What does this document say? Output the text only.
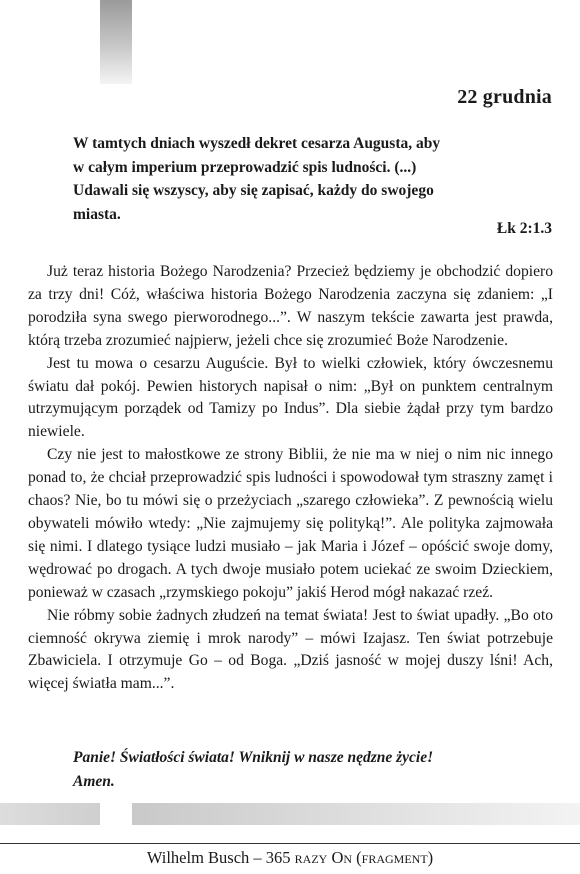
22 grudnia

W tamtych dniach wyszedł dekret cesarza Augusta, aby
w całym imperium przeprowadzić spis ludności. (...)
Udawali się wszyscy, aby się zapisać, każdy do swojego
miasta.

Łk 2:1.3

Już teraz historia Bożego Narodzenia? Przecież będziemy je obchodzić dopiero za trzy dni! Cóż, właściwa historia Bożego Narodzenia zaczyna się zdaniem: „I porodziła syna swego pierworodnego...”. W naszym tekście zawarta jest prawda, którą trzeba zrozumieć najpierw, jeżeli chce się zrozumieć Boże Narodzenie.

Jest tu mowa o cesarzu Auguście. Był to wielki człowiek, który ówczesnemu światu dał pokój. Pewien historych napisał o nim: „Był on punktem centralnym utrzymującym porządek od Tamizy po Indus”. Dla siebie żądał przy tym bardzo niewiele.

Czy nie jest to małostkowe ze strony Biblii, że nie ma w niej o nim nic innego ponad to, że chciał przeprowadzić spis ludności i spowodował tym straszny zamęt i chaos? Nie, bo tu mówi się o przeżyciach „szarego człowieka”. Z pewnością wielu obywateli mówiło wtedy: „Nie zajmujemy się polityką!”. Ale polityka zajmowała się nimi. I dlatego tysiące ludzi musiało – jak Maria i Józef – opóścić swoje domy, wędrować po drogach. A tych dwoje musiało potem uciekać ze swoim Dzieckiem, ponieważ w czasach „rzymskiego pokoju” jakiś Herod mógł nakazać rzeź.

Nie róbmy sobie żadnych złudzeń na temat świata! Jest to świat upadły. „Bo oto ciemność okrywa ziemię i mrok narody” – mówi Izajasz. Ten świat potrzebuje Zbawiciela. I otrzymuje Go – od Boga. „Dziś jasność w mojej duszy lśni! Ach, więcej światła mam...”.

Panie! Światłości świata! Wniknij w nasze nędzne życie!
Amen.

Wilhelm Busch – 365 razy On (fragment)
